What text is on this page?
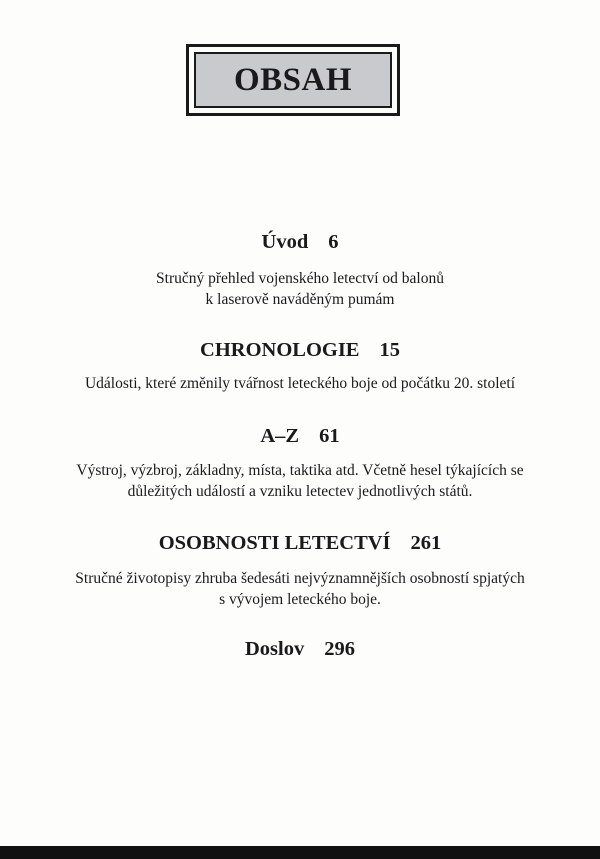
OBSAH
Úvod 6
Stručný přehled vojenského letectví od balonů
k laserově naváděným pumám
CHRONOLOGIE 15
Události, které změnily tvářnost leteckého boje od počátku 20. století
A–Z 61
Výstroj, výzbroj, základny, místa, taktika atd. Včetně hesel týkajících se
důležitých událostí a vzniku letectev jednotlivých států.
OSOBNOSTI LETECTVÍ 261
Stručné životopisy zhruba šedesáti nejvýznamnějších osobností spjatých
s vývojem leteckého boje.
Doslov 296
